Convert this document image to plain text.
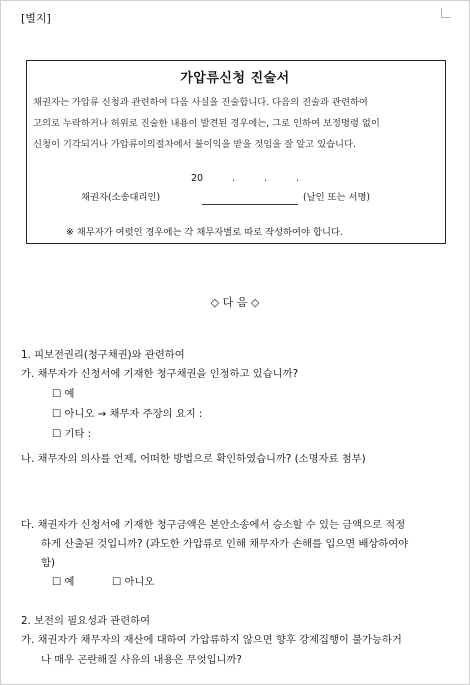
[별지]
가압류신청 진술서
채권자는 가압류 신청과 관련하여 다음 사실을 진술합니다. 다음의 진술과 관련하여
고의로 누락하거나 허위로 진술한 내용이 발견된 경우에는, 그로 인하여 보정명령 없이
신청이 기각되거나 가압류이의절차에서 불이익을 받을 것임을 잘 알고 있습니다.
20 . . .
채권자(소송대리인)	(날인 또는 서명)
※ 채무자가 여럿인 경우에는 각 채무자별로 따로 작성하여야 합니다.
◇ 다 음 ◇
1. 피보전권리(청구채권)와 관련하여
가. 채무자가 신청서에 기재한 청구채권을 인정하고 있습니까?
☐ 예
☐ 아니오 → 채무자 주장의 요지 :
☐ 기타 :
나. 채무자의 의사를 언제, 어떠한 방법으로 확인하였습니까? (소명자료 첨부)
다. 채권자가 신청서에 기재한 청구금액은 본안소송에서 승소할 수 있는 금액으로 적정
하게 산출된 것입니까? (과도한 가압류로 인해 채무자가 손해를 입으면 배상하여야
함)
☐ 예	☐ 아니오
2. 보전의 필요성과 관련하여
가. 채권자가 채무자의 재산에 대하여 가압류하지 않으면 향후 강제집행이 불가능하거
나 매우 곤란해질 사유의 내용은 무엇입니까?
